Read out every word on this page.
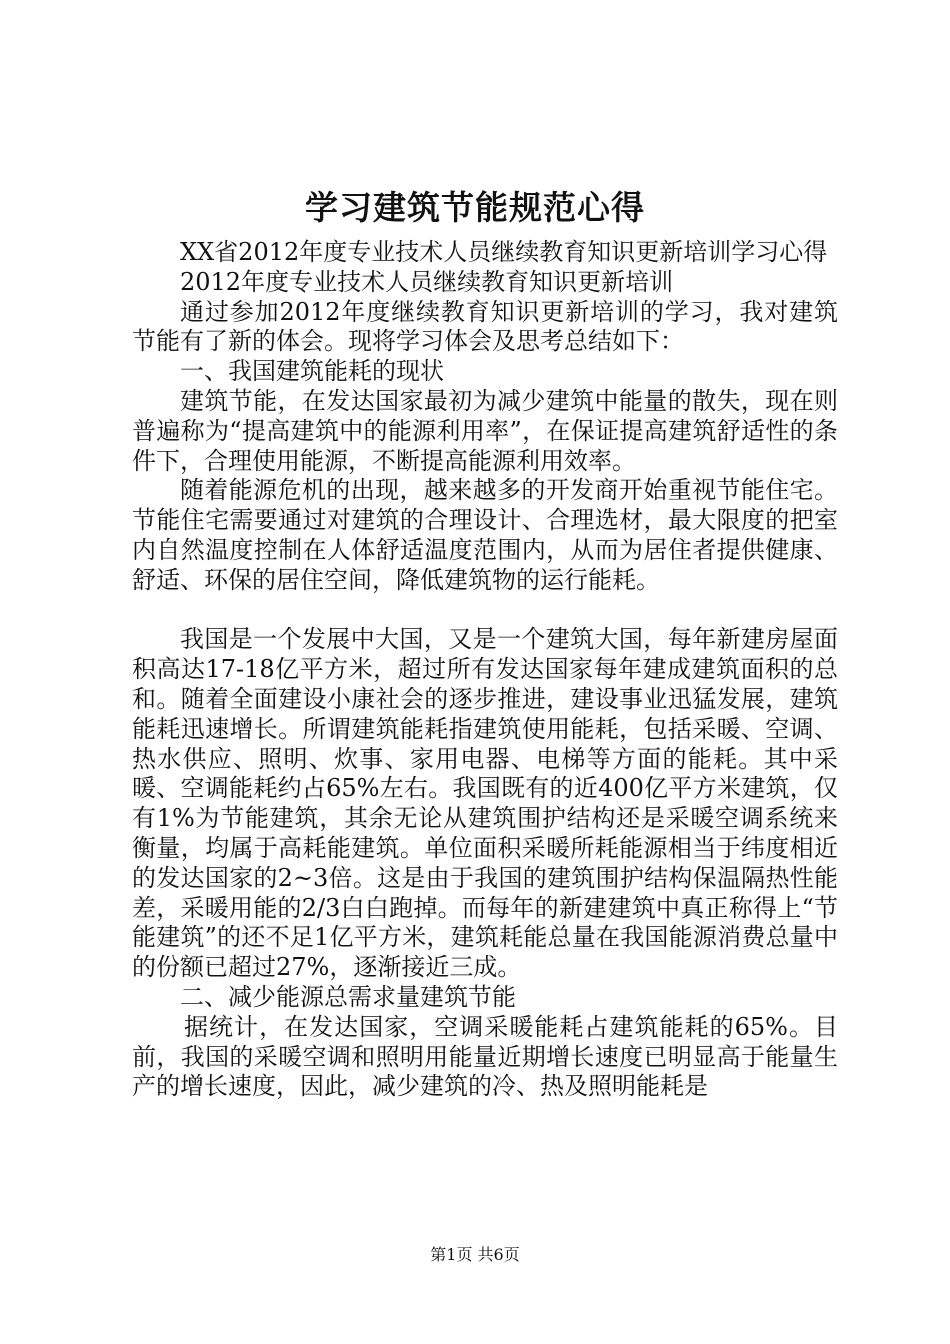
学习建筑节能规范心得

XX省2012年度专业技术人员继续教育知识更新培训学习心得

2012年度专业技术人员继续教育知识更新培训

通过参加2012年度继续教育知识更新培训的学习，我对建筑节能有了新的体会。现将学习体会及思考总结如下：

一、我国建筑能耗的现状

建筑节能，在发达国家最初为减少建筑中能量的散失，现在则普遍称为“提高建筑中的能源利用率”，在保证提高建筑舒适性的条件下，合理使用能源，不断提高能源利用效率。

随着能源危机的出现，越来越多的开发商开始重视节能住宅。节能住宅需要通过对建筑的合理设计、合理选材，最大限度的把室内自然温度控制在人体舒适温度范围内，从而为居住者提供健康、舒适、环保的居住空间，降低建筑物的运行能耗。

我国是一个发展中大国，又是一个建筑大国，每年新建房屋面积高达17-18亿平方米，超过所有发达国家每年建成建筑面积的总和。随着全面建设小康社会的逐步推进，建设事业迅猛发展，建筑能耗迅速增长。所谓建筑能耗指建筑使用能耗，包括采暖、空调、热水供应、照明、炊事、家用电器、电梯等方面的能耗。其中采暖、空调能耗约占65%左右。我国既有的近400亿平方米建筑，仅有1%为节能建筑，其余无论从建筑围护结构还是采暖空调系统来衡量，均属于高耗能建筑。单位面积采暖所耗能源相当于纬度相近的发达国家的2~3倍。这是由于我国的建筑围护结构保温隔热性能差，采暖用能的2/3白白跑掉。而每年的新建建筑中真正称得上“节能建筑”的还不足1亿平方米，建筑耗能总量在我国能源消费总量中的份额已超过27%，逐渐接近三成。

二、减少能源总需求量建筑节能

据统计，在发达国家，空调采暖能耗占建筑能耗的65%。目前，我国的采暖空调和照明用能量近期增长速度已明显高于能量生产的增长速度，因此，减少建筑的冷、热及照明能耗是

第1页 共6页
